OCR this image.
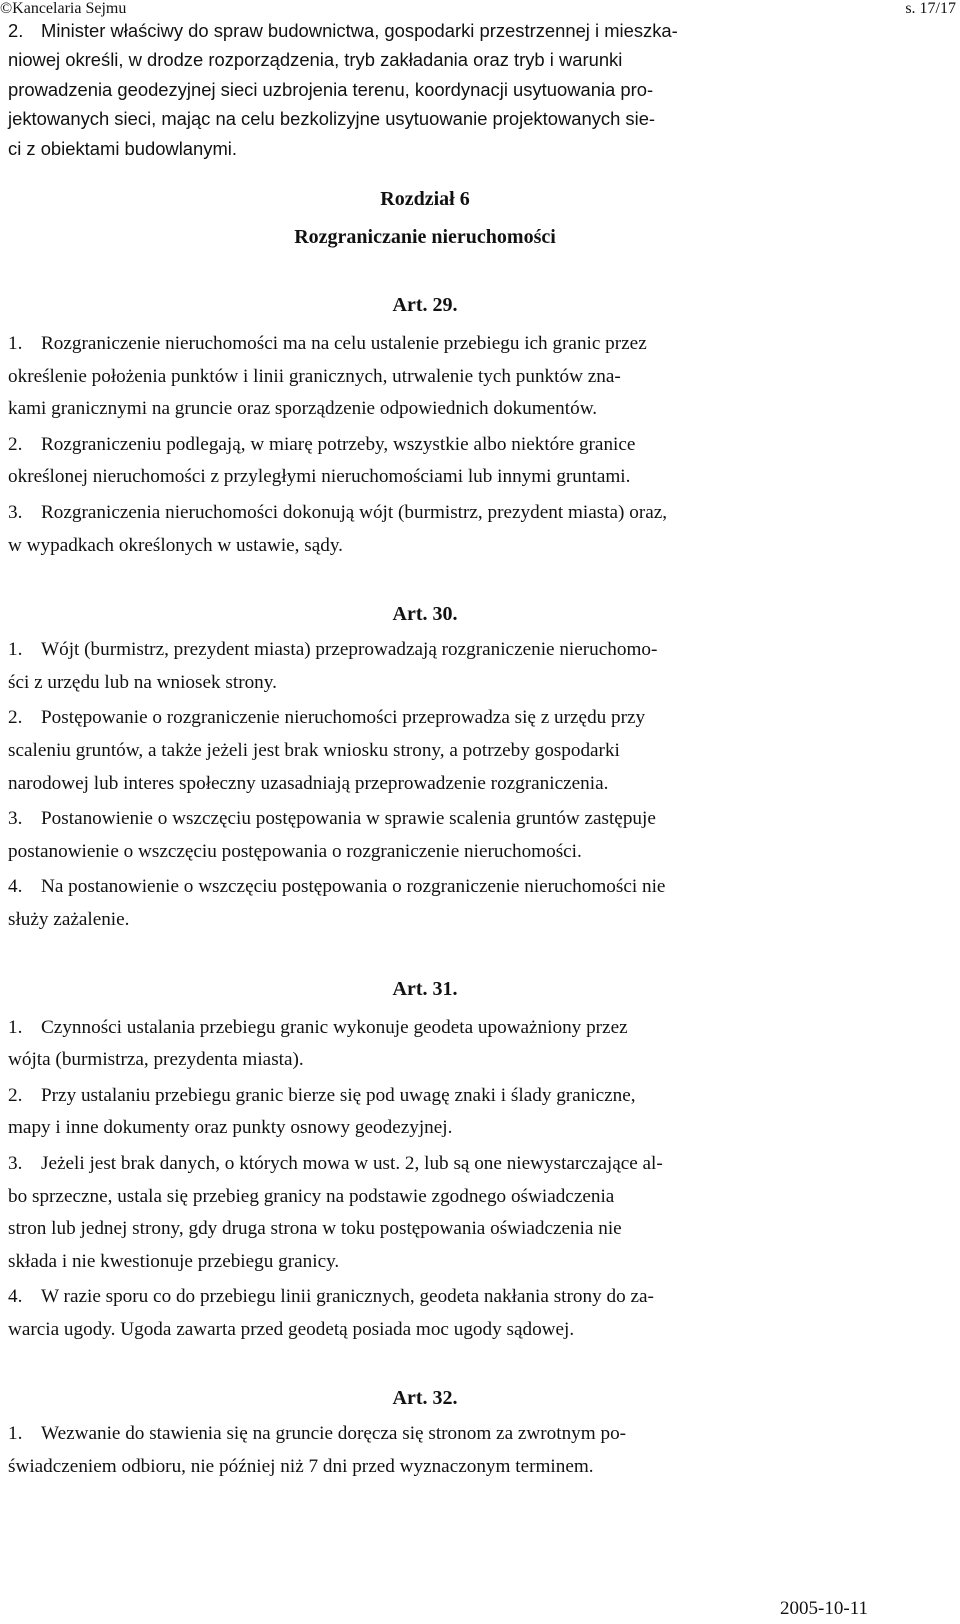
©Kancelaria Sejmu	s. 17/17
2. Minister właściwy do spraw budownictwa, gospodarki przestrzennej i mieszka-
niowej określi, w drodze rozporządzenia, tryb zakładania oraz tryb i warunki
prowadzenia geodezyjnej sieci uzbrojenia terenu, koordynacji usytuowania pro-
jektowanych sieci, mając na celu bezkolizyjne usytuowanie projektowanych sie-
ci z obiektami budowlanymi.
Rozdział 6
Rozgraniczanie nieruchomości
Art. 29.
1. Rozgraniczenie nieruchomości ma na celu ustalenie przebiegu ich granic przez
określenie położenia punktów i linii granicznych, utrwalenie tych punktów zna-
kami granicznymi na gruncie oraz sporządzenie odpowiednich dokumentów.
2. Rozgraniczeniu podlegają, w miarę potrzeby, wszystkie albo niektóre granice
określonej nieruchomości z przyległymi nieruchomościami lub innymi gruntami.
3. Rozgraniczenia nieruchomości dokonują wójt (burmistrz, prezydent miasta) oraz,
w wypadkach określonych w ustawie, sądy.
Art. 30.
1. Wójt (burmistrz, prezydent miasta) przeprowadzają rozgraniczenie nieruchomo-
ści z urzędu lub na wniosek strony.
2. Postępowanie o rozgraniczenie nieruchomości przeprowadza się z urzędu przy
scaleniu gruntów, a także jeżeli jest brak wniosku strony, a potrzeby gospodarki
narodowej lub interes społeczny uzasadniają przeprowadzenie rozgraniczenia.
3. Postanowienie o wszczęciu postępowania w sprawie scalenia gruntów zastępuje
postanowienie o wszczęciu postępowania o rozgraniczenie nieruchomości.
4. Na postanowienie o wszczęciu postępowania o rozgraniczenie nieruchomości nie
służy zażalenie.
Art. 31.
1. Czynności ustalania przebiegu granic wykonuje geodeta upoważniony przez
wójta (burmistrza, prezydenta miasta).
2. Przy ustalaniu przebiegu granic bierze się pod uwagę znaki i ślady graniczne,
mapy i inne dokumenty oraz punkty osnowy geodezyjnej.
3. Jeżeli jest brak danych, o których mowa w ust. 2, lub są one niewystarczające al-
bo sprzeczne, ustala się przebieg granicy na podstawie zgodnego oświadczenia
stron lub jednej strony, gdy druga strona w toku postępowania oświadczenia nie
składa i nie kwestionuje przebiegu granicy.
4. W razie sporu co do przebiegu linii granicznych, geodeta nakłania strony do za-
warcia ugody. Ugoda zawarta przed geodetą posiada moc ugody sądowej.
Art. 32.
1. Wezwanie do stawienia się na gruncie doręcza się stronom za zwrotnym po-
świadczeniem odbioru, nie później niż 7 dni przed wyznaczonym terminem.
2005-10-11
